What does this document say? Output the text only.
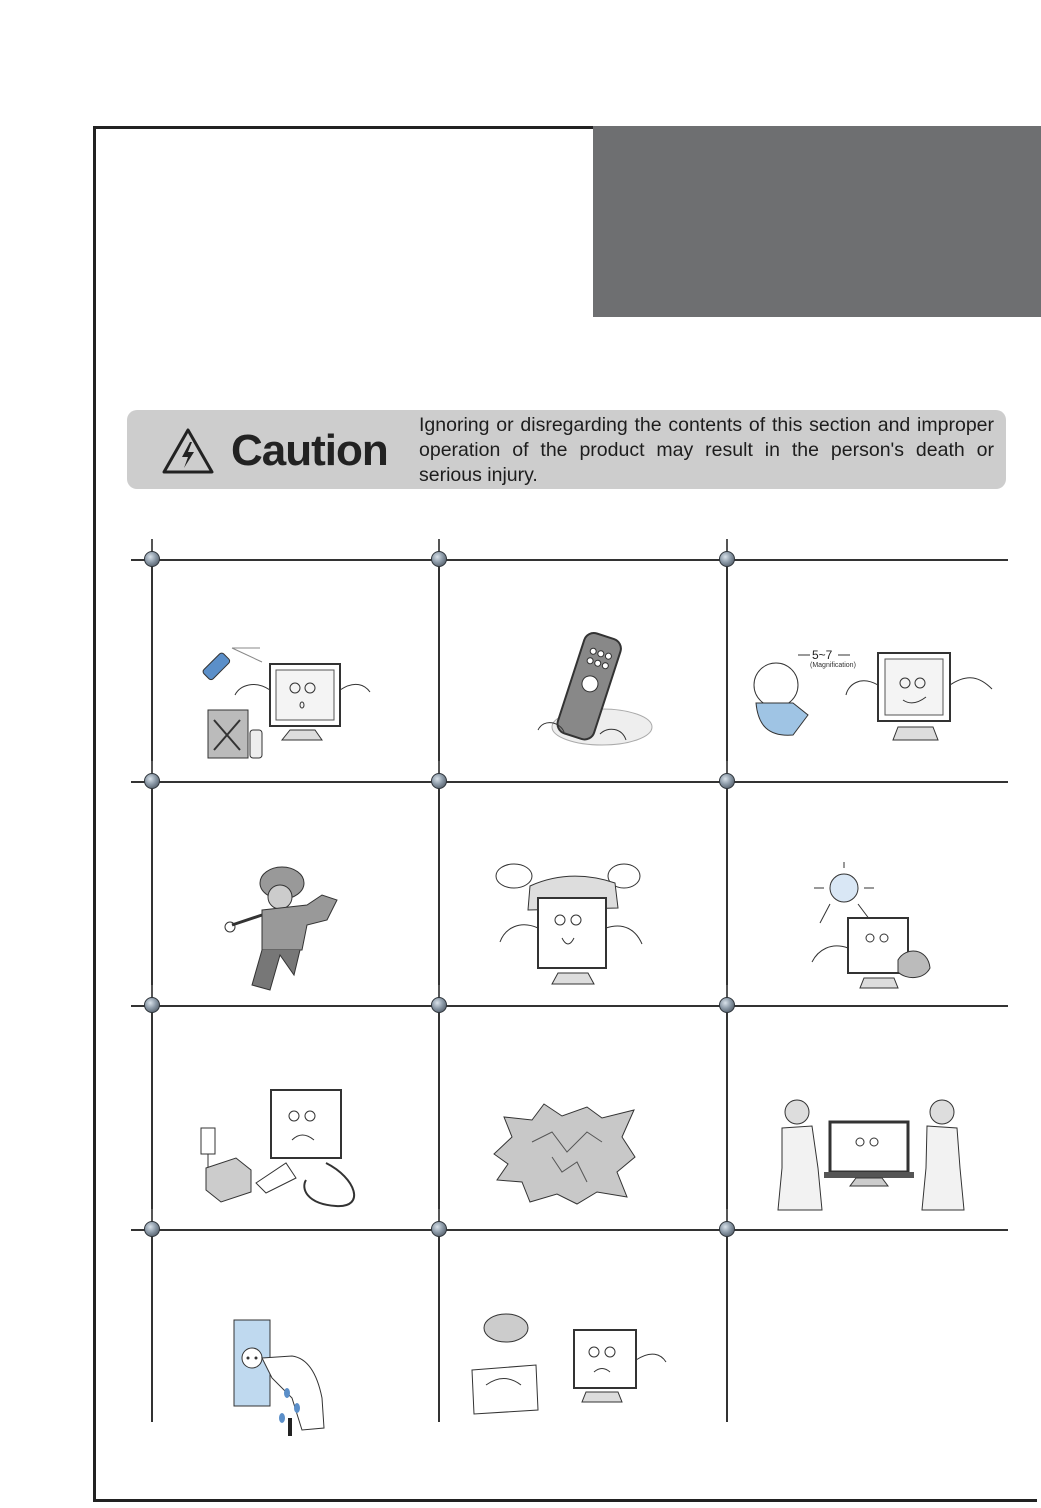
Caution
Ignoring or disregarding the contents of this section and improper operation of the product may result in the person's death or serious injury.
5~7
(Magnification)
